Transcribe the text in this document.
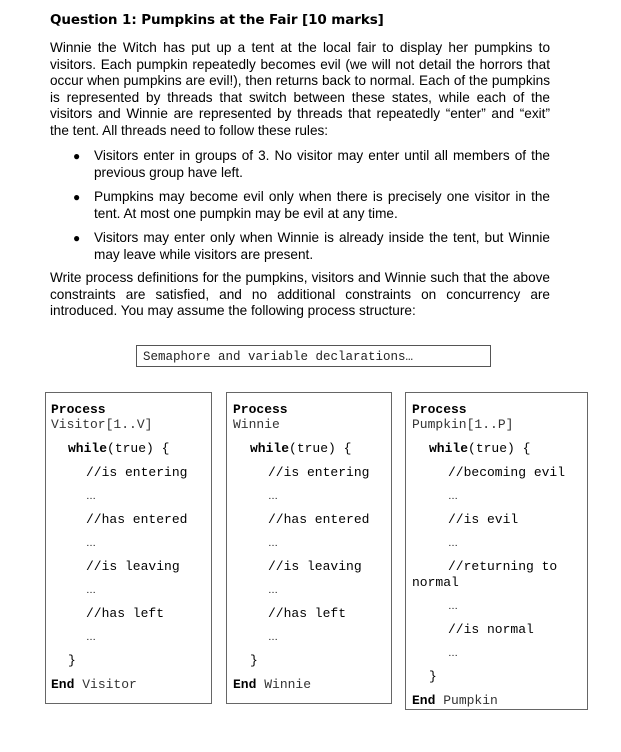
Question 1: Pumpkins at the Fair [10 marks]

Winnie the Witch has put up a tent at the local fair to display her pumpkins to visitors. Each pumpkin repeatedly becomes evil (we will not detail the horrors that occur when pumpkins are evil!), then returns back to normal. Each of the pumpkins is represented by threads that switch between these states, while each of the visitors and Winnie are represented by threads that repeatedly “enter” and “exit” the tent. All threads need to follow these rules:

● Visitors enter in groups of 3. No visitor may enter until all members of the previous group have left.
● Pumpkins may become evil only when there is precisely one visitor in the tent. At most one pumpkin may be evil at any time.
● Visitors may enter only when Winnie is already inside the tent, but Winnie may leave while visitors are present.

Write process definitions for the pumpkins, visitors and Winnie such that the above constraints are satisfied, and no additional constraints on concurrency are introduced. You may assume the following process structure:

Semaphore and variable declarations…
Process
Visitor[1..V]
while(true) {
//is entering
…
//has entered
…
//is leaving
…
//has left
…
}
End Visitor
Process
Winnie
while(true) {
//is entering
…
//has entered
…
//is leaving
…
//has left
…
}
End Winnie
Process
Pumpkin[1..P]
while(true) {
//becoming evil
…
//is evil
…
//returning to
normal
…
//is normal
…
}
End Pumpkin
